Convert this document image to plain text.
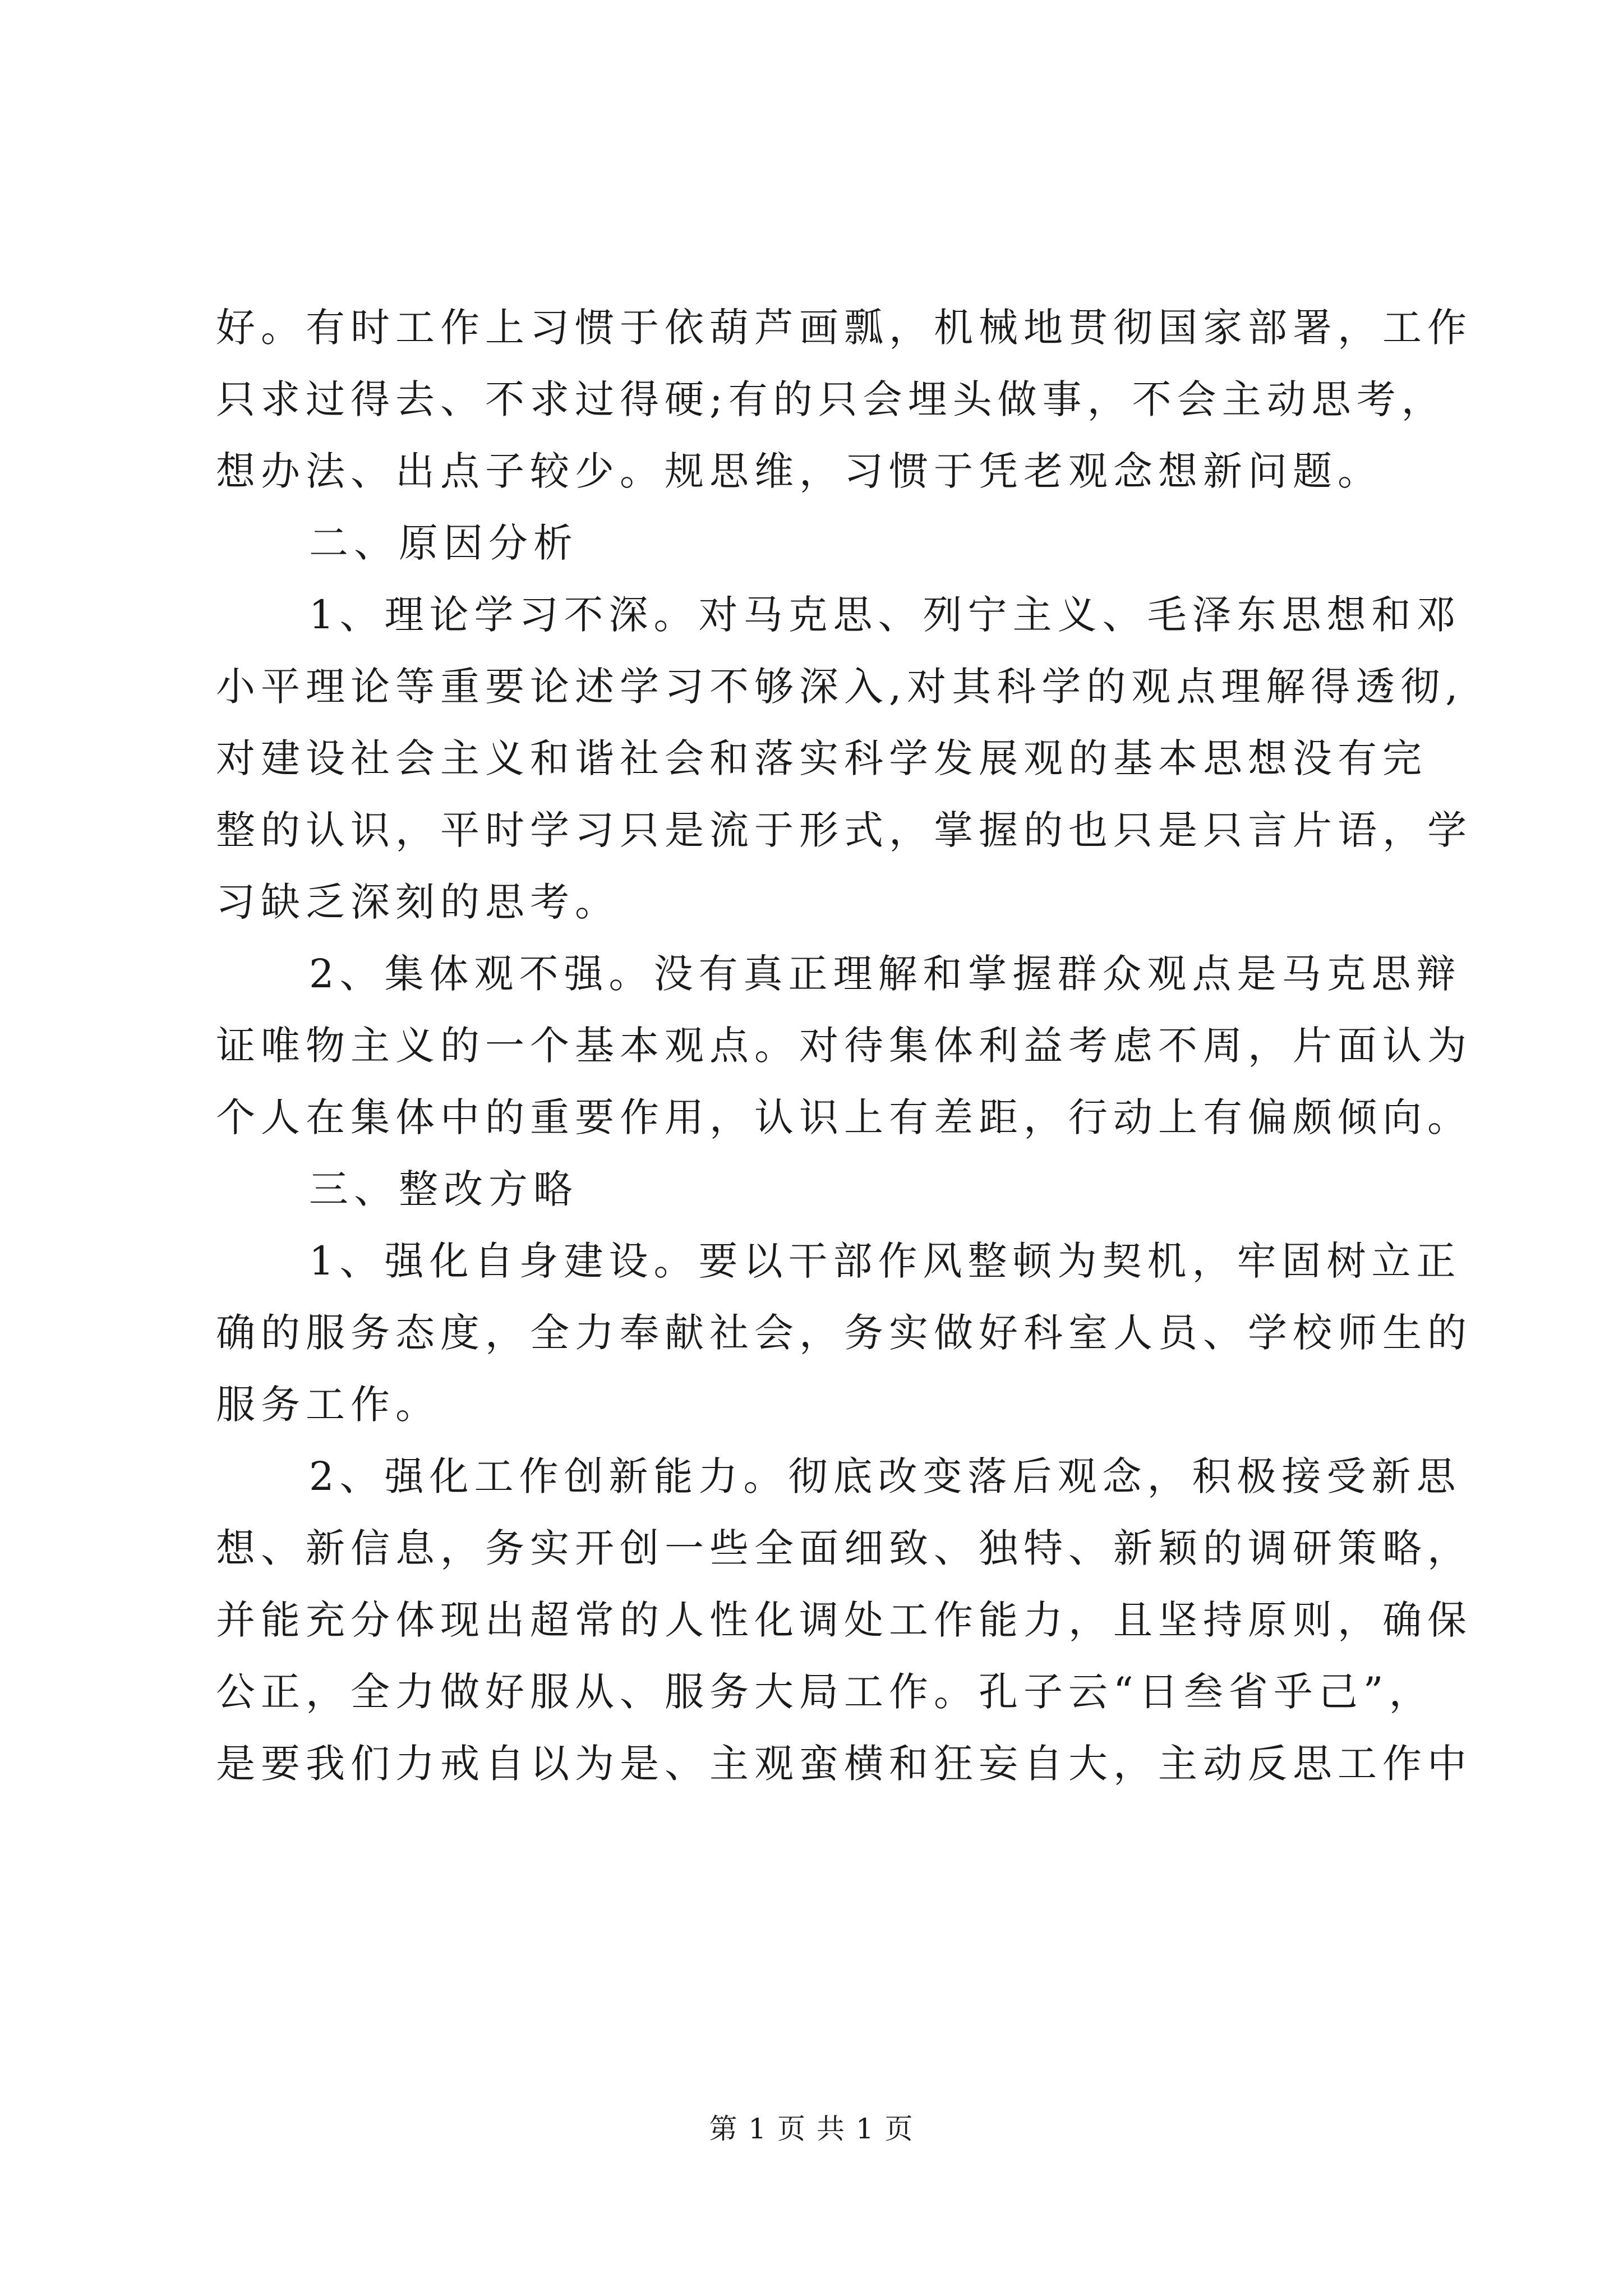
好。有时工作上习惯于依葫芦画瓢，机械地贯彻国家部署，工作
只求过得去、不求过得硬;有的只会埋头做事，不会主动思考，
想办法、出点子较少。规思维，习惯于凭老观念想新问题。
二、原因分析
1、理论学习不深。对马克思、列宁主义、毛泽东思想和邓
小平理论等重要论述学习不够深入,对其科学的观点理解得透彻,
对建设社会主义和谐社会和落实科学发展观的基本思想没有完
整的认识，平时学习只是流于形式，掌握的也只是只言片语，学
习缺乏深刻的思考。
2、集体观不强。没有真正理解和掌握群众观点是马克思辩
证唯物主义的一个基本观点。对待集体利益考虑不周，片面认为
个人在集体中的重要作用，认识上有差距，行动上有偏颇倾向。
三、整改方略
1、强化自身建设。要以干部作风整顿为契机，牢固树立正
确的服务态度，全力奉献社会，务实做好科室人员、学校师生的
服务工作。
2、强化工作创新能力。彻底改变落后观念，积极接受新思
想、新信息，务实开创一些全面细致、独特、新颖的调研策略，
并能充分体现出超常的人性化调处工作能力，且坚持原则，确保
公正，全力做好服从、服务大局工作。孔子云“日叁省乎己”，
是要我们力戒自以为是、主观蛮横和狂妄自大，主动反思工作中
第 1 页 共 1 页
